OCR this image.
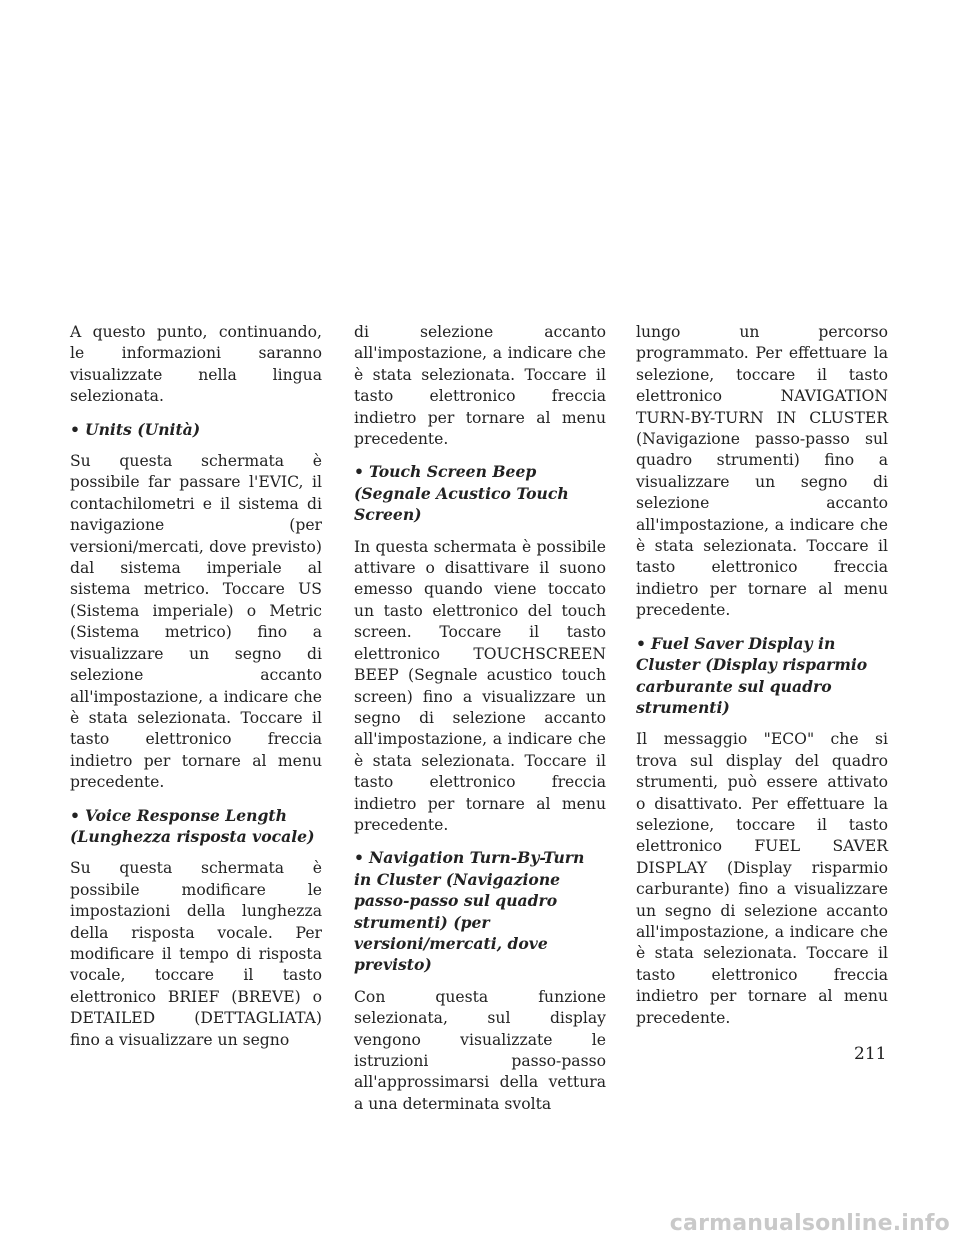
A questo punto, continuando, le informazioni saranno visualizzate nella lingua selezionata.

• Units (Unità)

Su questa schermata è possibile far passare l'EVIC, il contachilometri e il sistema di navigazione (per versioni/mercati, dove previsto) dal sistema imperiale al sistema metrico. Toccare US (Sistema imperiale) o Metric (Sistema metrico) fino a visualizzare un segno di selezione accanto all'impostazione, a indicare che è stata selezionata. Toccare il tasto elettronico freccia indietro per tornare al menu precedente.

• Voice Response Length (Lunghezza risposta vocale)

Su questa schermata è possibile modificare le impostazioni della lunghezza della risposta vocale. Per modificare il tempo di risposta vocale, toccare il tasto elettronico BRIEF (BREVE) o DETAILED (DETTAGLIATA) fino a visualizzare un segno

di selezione accanto all'impostazione, a indicare che è stata selezionata. Toccare il tasto elettronico freccia indietro per tornare al menu precedente.

• Touch Screen Beep (Segnale Acustico Touch Screen)

In questa schermata è possibile attivare o disattivare il suono emesso quando viene toccato un tasto elettronico del touch screen. Toccare il tasto elettronico TOUCHSCREEN BEEP (Segnale acustico touch screen) fino a visualizzare un segno di selezione accanto all'impostazione, a indicare che è stata selezionata. Toccare il tasto elettronico freccia indietro per tornare al menu precedente.

• Navigation Turn-By-Turn in Cluster (Navigazione passo-passo sul quadro strumenti) (per versioni/mercati, dove previsto)

Con questa funzione selezionata, sul display vengono visualizzate le istruzioni passo-passo all'approssimarsi della vettura a una determinata svolta

lungo un percorso programmato. Per effettuare la selezione, toccare il tasto elettronico NAVIGATION TURN-BY-TURN IN CLUSTER (Navigazione passo-passo sul quadro strumenti) fino a visualizzare un segno di selezione accanto all'impostazione, a indicare che è stata selezionata. Toccare il tasto elettronico freccia indietro per tornare al menu precedente.

• Fuel Saver Display in Cluster (Display risparmio carburante sul quadro strumenti)

Il messaggio "ECO" che si trova sul display del quadro strumenti, può essere attivato o disattivato. Per effettuare la selezione, toccare il tasto elettronico FUEL SAVER DISPLAY (Display risparmio carburante) fino a visualizzare un segno di selezione accanto all'impostazione, a indicare che è stata selezionata. Toccare il tasto elettronico freccia indietro per tornare al menu precedente.

211
carmanualsonline.info
